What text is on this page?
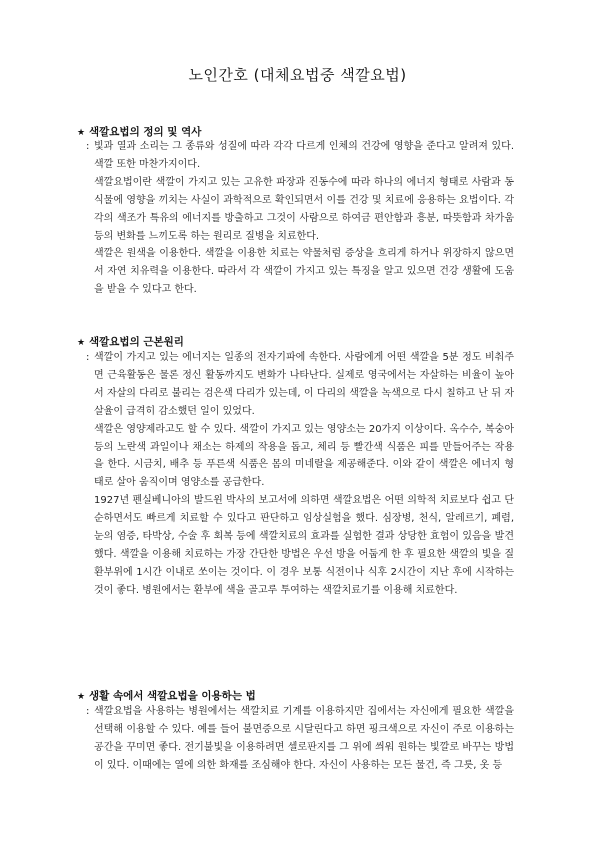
노인간호 (대체요법중 색깔요법)
★ 색깔요법의 정의 및 역사
: 빛과 열과 소리는 그 종류와 성질에 따라 각각 다르게 인체의 건강에 영향을 준다고 알려져 있다. 색깔 또한 마찬가지이다.

색깔요법이란 색깔이 가지고 있는 고유한 파장과 진동수에 따라 하나의 에너지 형태로 사람과 동식물에 영향을 끼치는 사실이 과학적으로 확인되면서 이를 건강 및 치료에 응용하는 요법이다. 각각의 색조가 특유의 에너지를 방출하고 그것이 사람으로 하여금 편안함과 흥분, 따뜻함과 차가움 등의 변화를 느끼도록 하는 원리로 질병을 치료한다.

색깔은 원색을 이용한다. 색깔을 이용한 치료는 약물처럼 증상을 흐리게 하거나 위장하지 않으면서 자연 치유력을 이용한다. 따라서 각 색깔이 가지고 있는 특징을 알고 있으면 건강 생활에 도움을 받을 수 있다고 한다.

★ 색깔요법의 근본원리
: 색깔이 가지고 있는 에너지는 일종의 전자기파에 속한다. 사람에게 어떤 색깔을 5분 정도 비춰주면 근육활동은 물론 정신 활동까지도 변화가 나타난다. 실제로 영국에서는 자살하는 비율이 높아서 자살의 다리로 불리는 검은색 다리가 있는데, 이 다리의 색깔을 녹색으로 다시 칠하고 난 뒤 자살율이 급격히 감소했던 일이 있었다.

색깔은 영양제라고도 할 수 있다. 색깔이 가지고 있는 영양소는 20가지 이상이다. 옥수수, 복숭아 등의 노란색 과일이나 채소는 하제의 작용을 돕고, 체리 등 빨간색 식품은 피를 만들어주는 작용을 한다. 시금치, 배추 등 푸른색 식품은 몸의 미네랄을 제공해준다. 이와 같이 색깔은 에너지 형태로 살아 움직이며 영양소를 공급한다.

1927년 펜실베니아의 발드윈 박사의 보고서에 의하면 색깔요법은 어떤 의학적 치료보다 쉽고 단순하면서도 빠르게 치료할 수 있다고 판단하고 임상실험을 했다. 심장병, 천식, 알레르기, 폐렴, 눈의 염증, 타박상, 수술 후 회복 등에 색깔치료의 효과를 실험한 결과 상당한 효험이 있음을 발견했다. 색깔을 이용해 치료하는 가장 간단한 방법은 우선 방을 어둡게 한 후 필요한 색깔의 빛을 질환부위에 1시간 이내로 쏘이는 것이다. 이 경우 보통 식전이나 식후 2시간이 지난 후에 시작하는 것이 좋다. 병원에서는 환부에 색을 골고루 투여하는 색깔치료기를 이용해 치료한다.

★ 생활 속에서 색깔요법을 이용하는 법
: 색깔요법을 사용하는 병원에서는 색깔치료 기계를 이용하지만 집에서는 자신에게 필요한 색깔을 선택해 이용할 수 있다. 예를 들어 불면증으로 시달린다고 하면 핑크색으로 자신이 주로 이용하는 공간을 꾸미면 좋다. 전기불빛을 이용하려면 셀로판지를 그 위에 씌워 원하는 빛깔로 바꾸는 방법이 있다. 이때에는 열에 의한 화재를 조심해야 한다. 자신이 사용하는 모든 물건, 즉 그릇, 옷 등
